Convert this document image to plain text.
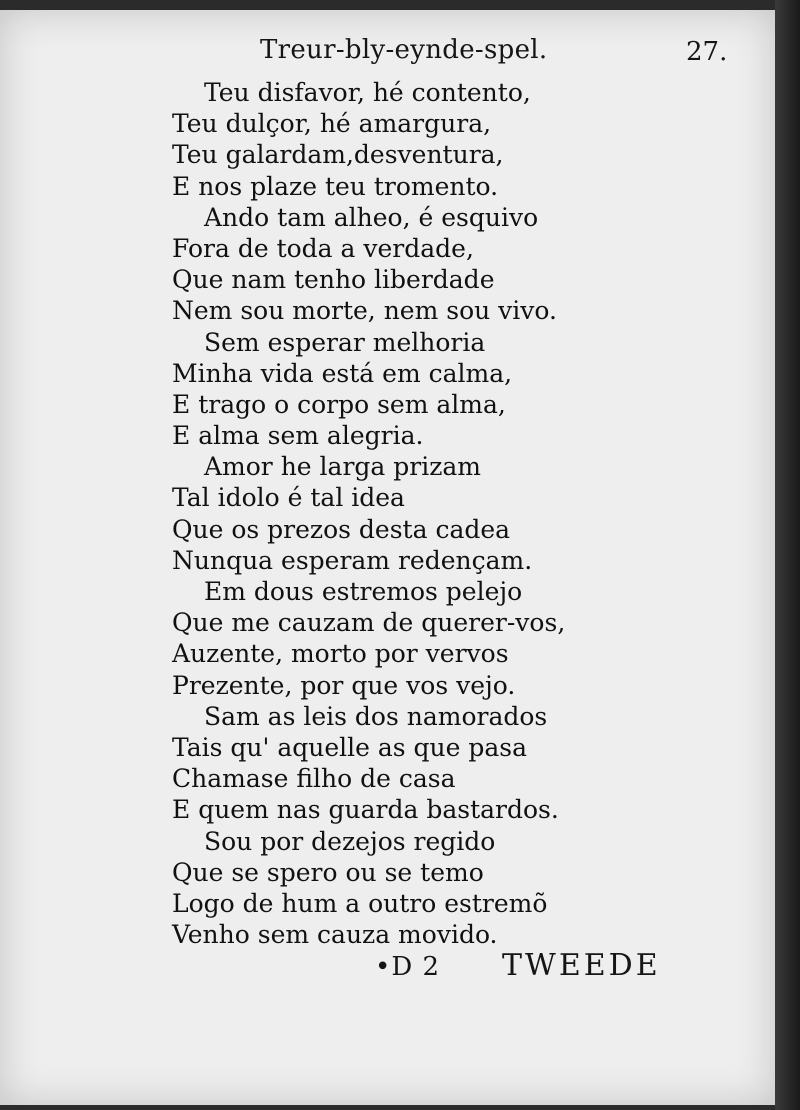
Treur-bly-eynde-spel.	27.
Teu disfavor, hé contento,
Teu dulçor, hé amargura,
Teu galardam,desventura,
E nos plaze teu tromento.
Ando tam alheo, é esquivo
Fora de toda a verdade,
Que nam tenho liberdade
Nem sou morte, nem sou vivo.
Sem esperar melhoria
Minha vida está em calma,
E trago o corpo sem alma,
E alma sem alegria.
Amor he larga prizam
Tal idolo é tal idea
Que os prezos desta cadea
Nunqua esperam redençam.
Em dous estremos pelejo
Que me cauzam de querer-vos,
Auzente, morto por vervos
Prezente, por que vos vejo.
Sam as leis dos namorados
Tais qu' aquelle as que pasa
Chamase filho de casa
E quem nas guarda bastardos.
Sou por dezejos regido
Que se spero ou se temo
Logo de hum a outro estremõ
Venho sem cauza movido.
•D 2 TWEEDE
